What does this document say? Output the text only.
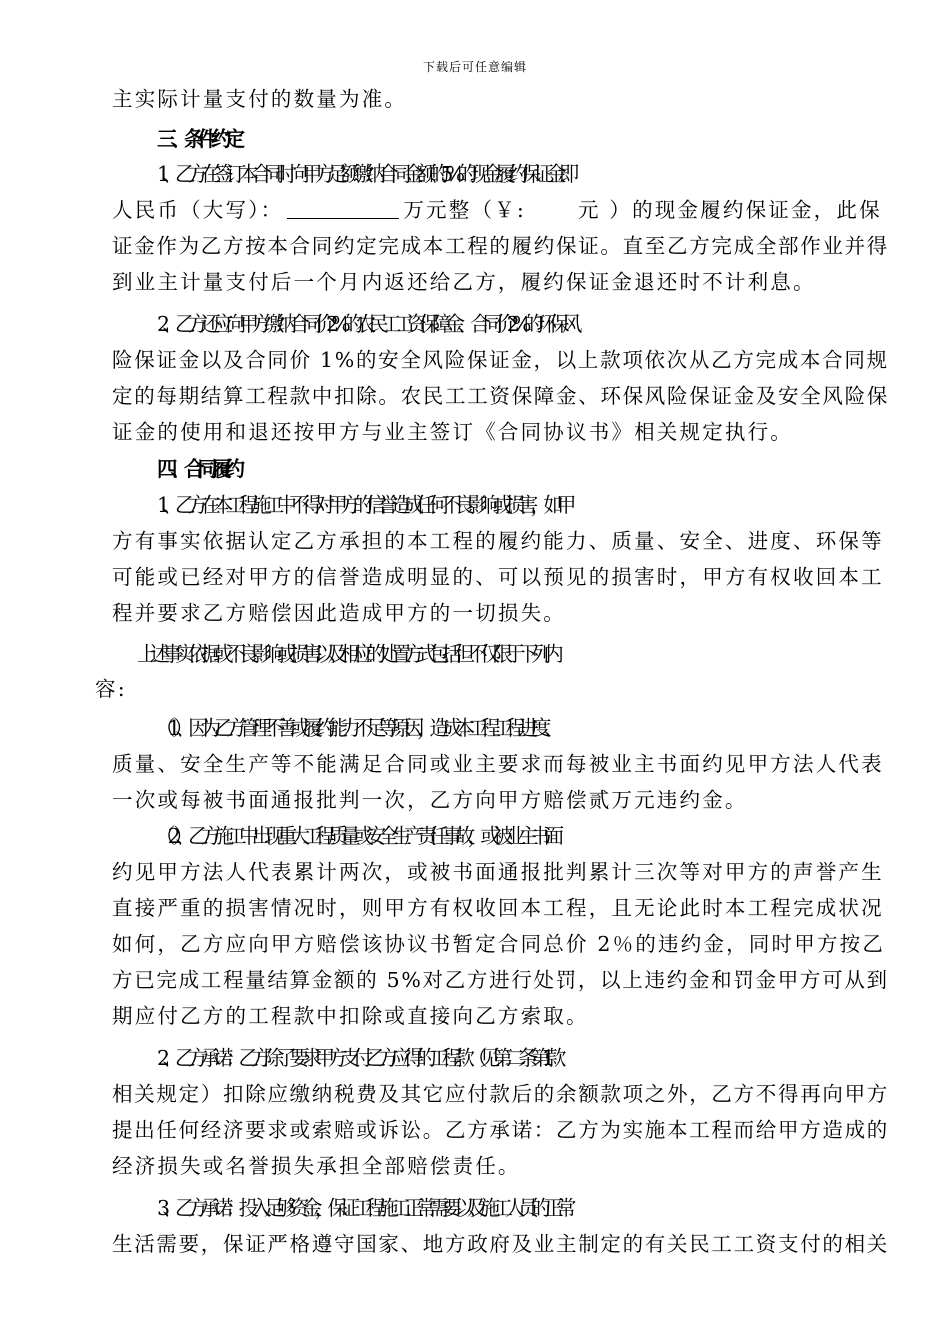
下载后可任意编辑
主实际计量支付的数量为准。
三、条件约定
1、乙方在签订本合同时向甲方足额缴纳合同金额的 5%的现金履约保证金即
人民币（大写）：	万元整（￥:	元 ）的现金履约保证金，此保
证金作为乙方按本合同约定完成本工程的履约保证。直至乙方完成全部作业并得
到业主计量支付后一个月内返还给乙方，履约保证金退还时不计利息。
2、乙方还应向甲方缴纳合同价 2%的农民工工资保障金、合同价 2%的环保风
险保证金以及合同价 1%的安全风险保证金，以上款项依次从乙方完成本合同规
定的每期结算工程款中扣除。农民工工资保障金、环保风险保证金及安全风险保
证金的使用和退还按甲方与业主签订《合同协议书》相关规定执行。
四、合同履约
1、乙方在本工程施工中不得对甲方的信誉造成任何不良影响或损害，如甲
方有事实依据认定乙方承担的本工程的履约能力、质量、安全、进度、环保等
可能或已经对甲方的信誉造成明显的、可以预见的损害时，甲方有权收回本工
程并要求乙方赔偿因此造成甲方的一切损失。
上述事实依据或不良影响或损害以及相应的处置方式包括但不仅限于下列内
容:
（1）、因为乙方管理不善或履约能力不足等原因，造成本工程工程进度、
质量、安全生产等不能满足合同或业主要求而每被业主书面约见甲方法人代表
一次或每被书面通报批判一次，乙方向甲方赔偿贰万元违约金。
（2）、乙方施工中出现重大工程质量或安全生产责任事故，或被业主书面
约见甲方法人代表累计两次，或被书面通报批判累计三次等对甲方的声誉产生
直接严重的损害情况时，则甲方有权收回本工程，且无论此时本工程完成状况
如何，乙方应向甲方赔偿该协议书暂定合同总价 2％的违约金，同时甲方按乙
方已完成工程量结算金额的 5%对乙方进行处罚，以上违约金和罚金甲方可从到
期应付乙方的工程款中扣除或直接向乙方索取。
2、乙方承诺：乙方除了要求甲方支付乙方应得的工程款（见第二条第 1 款
相关规定）扣除应缴纳税费及其它应付款后的余额款项之外，乙方不得再向甲方
提出任何经济要求或索赔或诉讼。乙方承诺：乙方为实施本工程而给甲方造成的
经济损失或名誉损失承担全部赔偿责任。
3、乙方承诺：投入足够资金，保证工程施工正常需要以及施工人员的正常
生活需要，保证严格遵守国家、地方政府及业主制定的有关民工工资支付的相关
